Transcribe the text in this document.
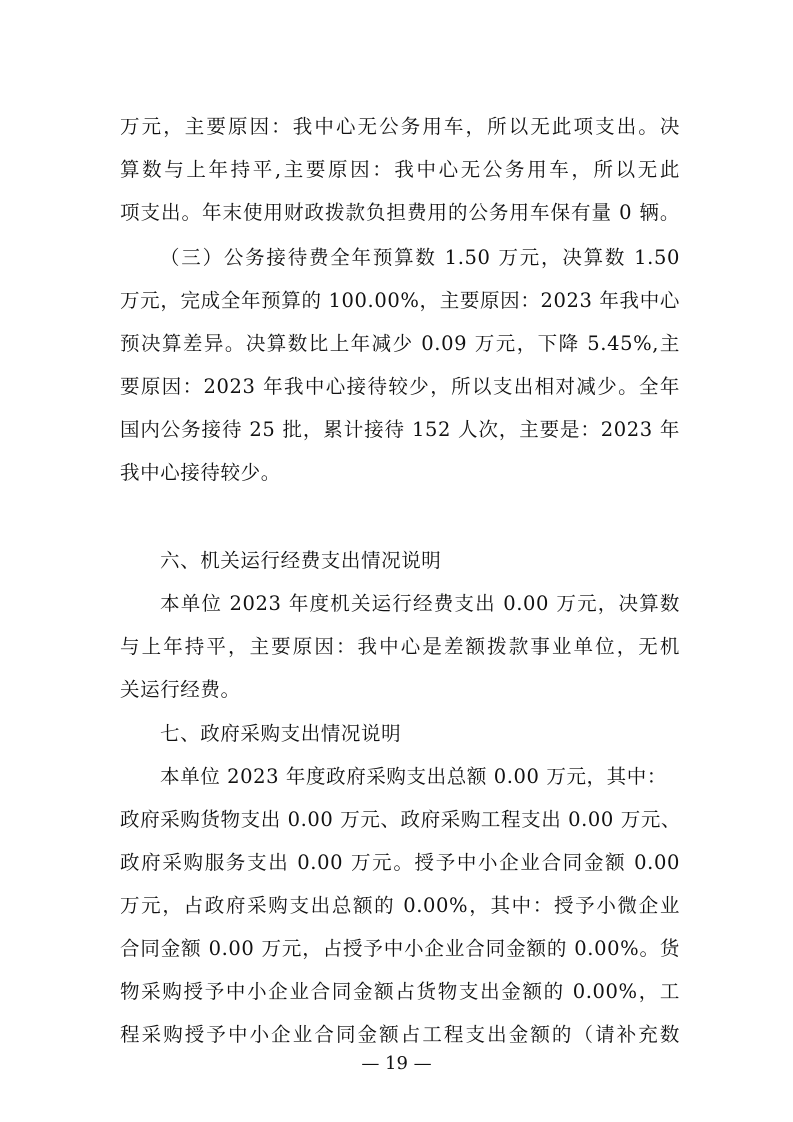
万元，主要原因：我中心无公务用车，所以无此项支出。决
算数与上年持平,主要原因：我中心无公务用车，所以无此
项支出。年末使用财政拨款负担费用的公务用车保有量 0 辆。
（三）公务接待费全年预算数 1.50 万元，决算数 1.50
万元，完成全年预算的 100.00%，主要原因：2023 年我中心
预决算差异。决算数比上年减少 0.09 万元，下降 5.45%,主
要原因：2023 年我中心接待较少，所以支出相对减少。全年
国内公务接待 25 批，累计接待 152 人次，主要是：2023 年
我中心接待较少。
六、机关运行经费支出情况说明
本单位 2023 年度机关运行经费支出 0.00 万元，决算数
与上年持平，主要原因：我中心是差额拨款事业单位，无机
关运行经费。
七、政府采购支出情况说明
本单位 2023 年度政府采购支出总额 0.00 万元，其中：
政府采购货物支出 0.00 万元、政府采购工程支出 0.00 万元、
政府采购服务支出 0.00 万元。授予中小企业合同金额 0.00
万元，占政府采购支出总额的 0.00%，其中：授予小微企业
合同金额 0.00 万元，占授予中小企业合同金额的 0.00%。货
— 19 —
物采购授予中小企业合同金额占货物支出金额的 0.00%，工
程采购授予中小企业合同金额占工程支出金额的（请补充数
